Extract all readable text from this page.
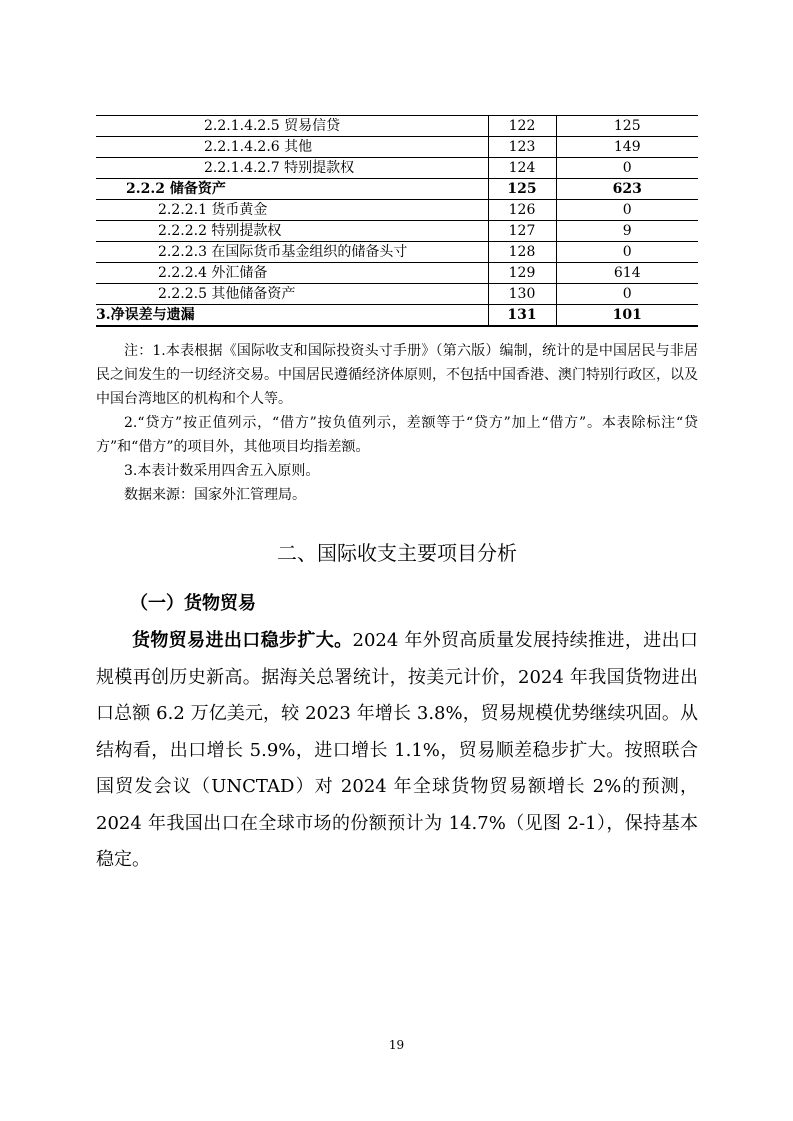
2.2.1.4.2.5 贸易信贷	122	125
2.2.1.4.2.6 其他	123	149
2.2.1.4.2.7 特别提款权	124	0
2.2.2 储备资产	125	623
2.2.2.1 货币黄金	126	0
2.2.2.2 特别提款权	127	9
2.2.2.3 在国际货币基金组织的储备头寸	128	0
2.2.2.4 外汇储备	129	614
2.2.2.5 其他储备资产	130	0
3.净误差与遗漏	131	101

注：1.本表根据《国际收支和国际投资头寸手册》（第六版）编制，统计的是中国居民与非居民之间发生的一切经济交易。中国居民遵循经济体原则，不包括中国香港、澳门特别行政区，以及中国台湾地区的机构和个人等。

2.“贷方”按正值列示，“借方”按负值列示，差额等于“贷方”加上“借方”。本表除标注“贷方”和“借方”的项目外，其他项目均指差额。

3.本表计数采用四舍五入原则。

数据来源：国家外汇管理局。

二、国际收支主要项目分析
（一）货物贸易

货物贸易进出口稳步扩大。2024 年外贸高质量发展持续推进，进出口规模再创历史新高。据海关总署统计，按美元计价，2024 年我国货物进出口总额 6.2 万亿美元，较 2023 年增长 3.8%，贸易规模优势继续巩固。从结构看，出口增长 5.9%，进口增长 1.1%，贸易顺差稳步扩大。按照联合国贸发会议（UNCTAD）对 2024 年全球货物贸易额增长 2%的预测，2024 年我国出口在全球市场的份额预计为 14.7%（见图 2-1），保持基本稳定。

19
